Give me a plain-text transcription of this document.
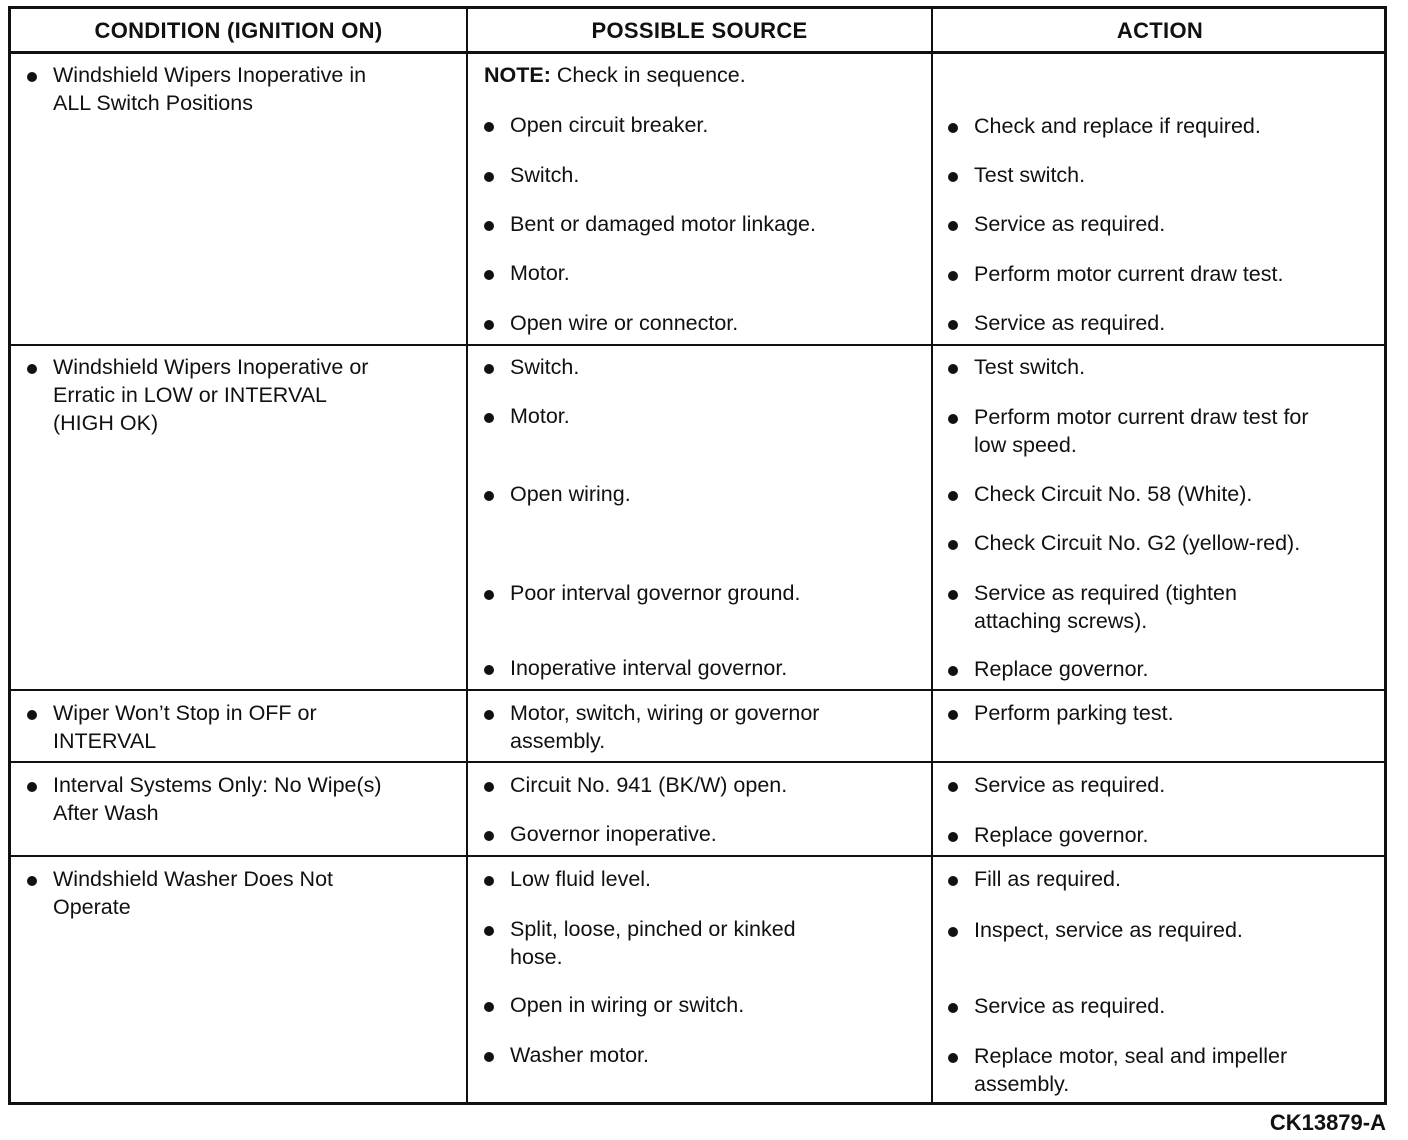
CONDITION (IGNITION ON)	POSSIBLE SOURCE	ACTION
Windshield Wipers Inoperative in
ALL Switch Positions
NOTE: Check in sequence.
Open circuit breaker.
Switch.
Bent or damaged motor linkage.
Motor.
Open wire or connector.
Check and replace if required.
Test switch.
Service as required.
Perform motor current draw test.
Service as required.
Windshield Wipers Inoperative or
Erratic in LOW or INTERVAL
(HIGH OK)
Switch.
Motor.
Open wiring.
Poor interval governor ground.
Inoperative interval governor.
Test switch.
Perform motor current draw test for
low speed.
Check Circuit No. 58 (White).
Check Circuit No. G2 (yellow-red).
Service as required (tighten
attaching screws).
Replace governor.
Wiper Won’t Stop in OFF or
INTERVAL
Motor, switch, wiring or governor
assembly.
Perform parking test.
Interval Systems Only: No Wipe(s)
After Wash
Circuit No. 941 (BK/W) open.
Governor inoperative.
Service as required.
Replace governor.
Windshield Washer Does Not
Operate
Low fluid level.
Split, loose, pinched or kinked
hose.
Open in wiring or switch.
Washer motor.
Fill as required.
Inspect, service as required.
Service as required.
Replace motor, seal and impeller
assembly.
CK13879-A
